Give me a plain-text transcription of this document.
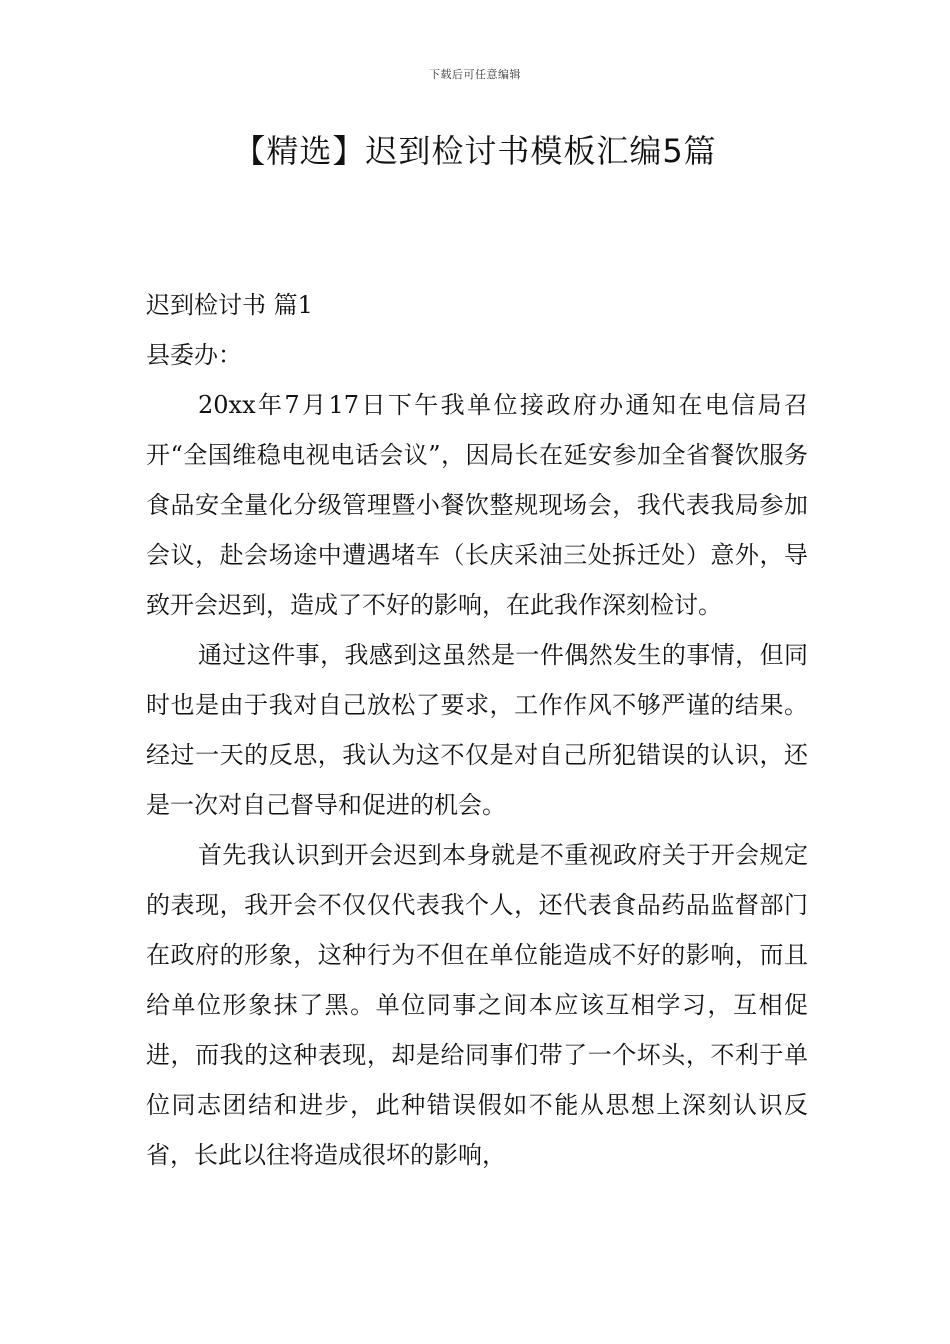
下载后可任意编辑
【精选】迟到检讨书模板汇编5篇

迟到检讨书 篇1

县委办：

20xx年7月17日下午我单位接政府办通知在电信局召开“全国维稳电视电话会议”，因局长在延安参加全省餐饮服务食品安全量化分级管理暨小餐饮整规现场会，我代表我局参加会议，赴会场途中遭遇堵车（长庆采油三处拆迁处）意外，导致开会迟到，造成了不好的影响，在此我作深刻检讨。

通过这件事，我感到这虽然是一件偶然发生的事情，但同时也是由于我对自己放松了要求，工作作风不够严谨的结果。经过一天的反思，我认为这不仅是对自己所犯错误的认识，还是一次对自己督导和促进的机会。

首先我认识到开会迟到本身就是不重视政府关于开会规定的表现，我开会不仅仅代表我个人，还代表食品药品监督部门在政府的形象，这种行为不但在单位能造成不好的影响，而且给单位形象抹了黑。单位同事之间本应该互相学习，互相促进，而我的这种表现，却是给同事们带了一个坏头，不利于单位同志团结和进步，此种错误假如不能从思想上深刻认识反省，长此以往将造成很坏的影响，
